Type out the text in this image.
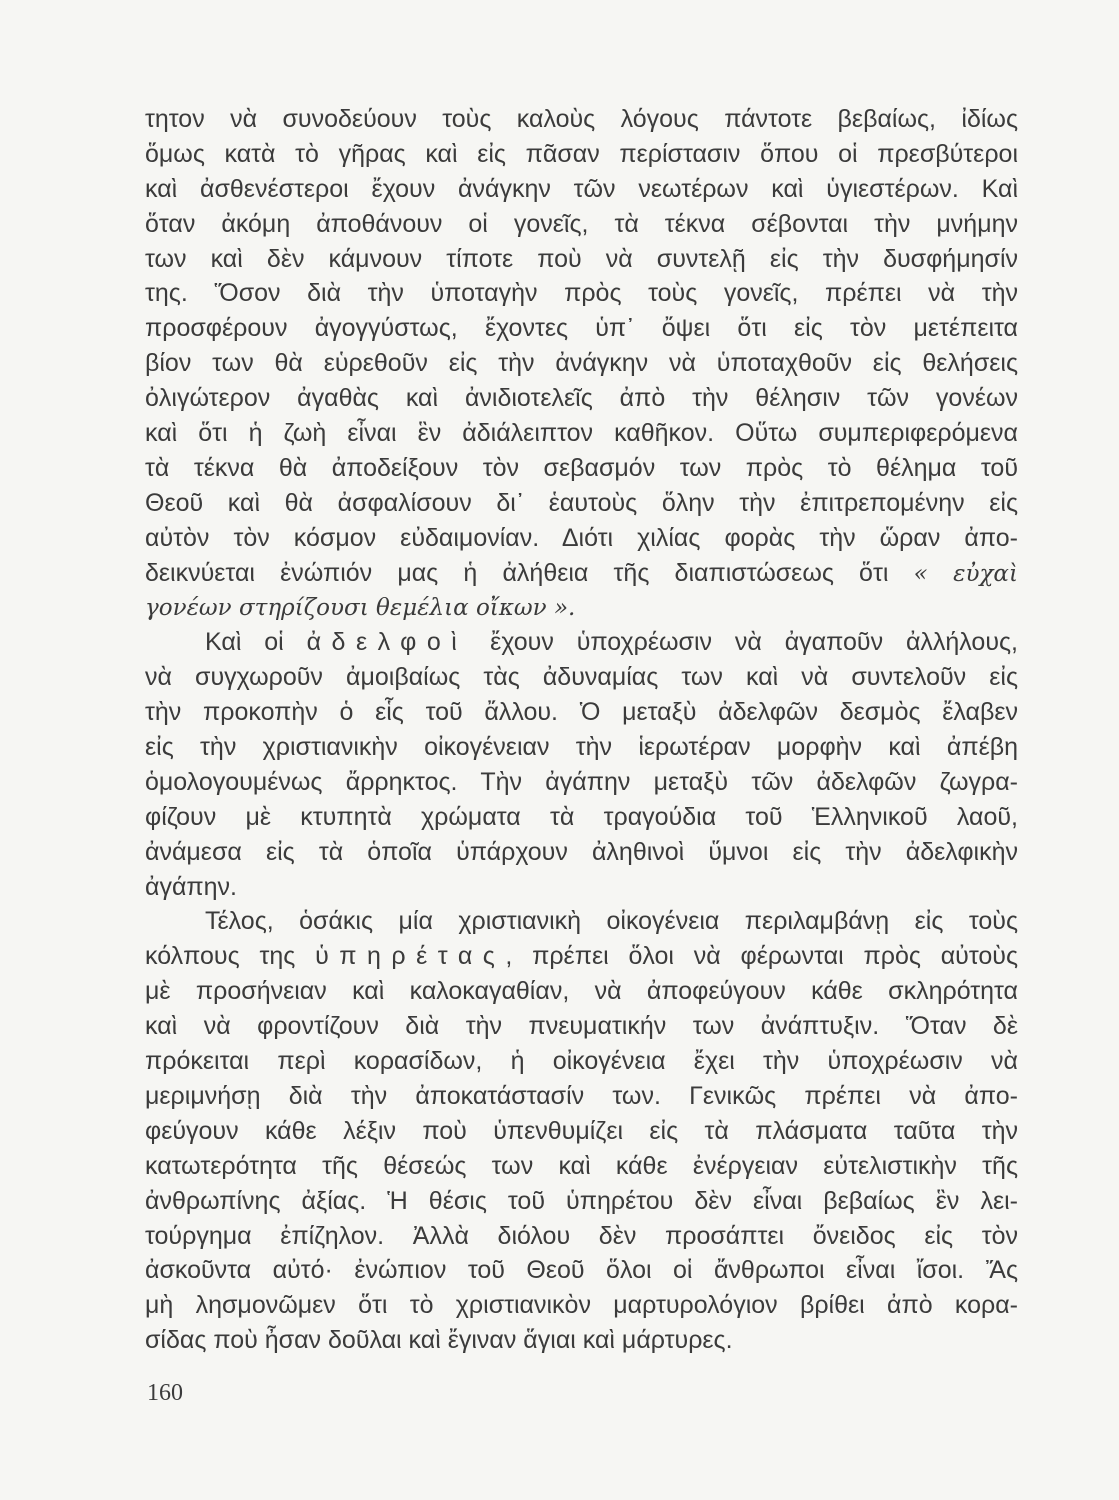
τητον νὰ συνοδεύουν τοὺς καλοὺς λόγους πάντοτε βεβαίως, ἰδίως
ὅμως κατὰ τὸ γῆρας καὶ εἰς πᾶσαν περίστασιν ὅπου οἱ πρεσβύτεροι
καὶ ἀσθενέστεροι ἔχουν ἀνάγκην τῶν νεωτέρων καὶ ὑγιεστέρων. Καὶ
ὅταν ἀκόμη ἀποθάνουν οἱ γονεῖς, τὰ τέκνα σέβονται τὴν μνήμην
των καὶ δὲν κάμνουν τίποτε ποὺ νὰ συντελῇ εἰς τὴν δυσφήμησίν
της. Ὅσον διὰ τὴν ὑποταγὴν πρὸς τοὺς γονεῖς, πρέπει νὰ τὴν
προσφέρουν ἀγογγύστως, ἔχοντες ὑπ᾿ ὄψει ὅτι εἰς τὸν μετέπειτα
βίον των θὰ εὑρεθοῦν εἰς τὴν ἀνάγκην νὰ ὑποταχθοῦν εἰς θελήσεις
ὀλιγώτερον ἀγαθὰς καὶ ἀνιδιοτελεῖς ἀπὸ τὴν θέλησιν τῶν γονέων
καὶ ὅτι ἡ ζωὴ εἶναι ἓν ἀδιάλειπτον καθῆκον. Οὕτω συμπεριφερόμενα
τὰ τέκνα θὰ ἀποδείξουν τὸν σεβασμόν των πρὸς τὸ θέλημα τοῦ
Θεοῦ καὶ θὰ ἀσφαλίσουν δι᾿ ἑαυτοὺς ὅλην τὴν ἐπιτρεπομένην εἰς
αὐτὸν τὸν κόσμον εὐδαιμονίαν. Διότι χιλίας φορὰς τὴν ὥραν ἀπο-
δεικνύεται ἐνώπιόν μας ἡ ἀλήθεια τῆς διαπιστώσεως ὅτι « εὐχαὶ
γονέων στηρίζουσι θεμέλια οἴκων ».
Καὶ οἱ ἀδελφοὶ ἔχουν ὑποχρέωσιν νὰ ἀγαποῦν ἀλλήλους,
νὰ συγχωροῦν ἀμοιβαίως τὰς ἀδυναμίας των καὶ νὰ συντελοῦν εἰς
τὴν προκοπὴν ὁ εἷς τοῦ ἄλλου. Ὁ μεταξὺ ἀδελφῶν δεσμὸς ἔλαβεν
εἰς τὴν χριστιανικὴν οἰκογένειαν τὴν ἱερωτέραν μορφὴν καὶ ἀπέβη
ὁμολογουμένως ἄρρηκτος. Τὴν ἀγάπην μεταξὺ τῶν ἀδελφῶν ζωγρα-
φίζουν μὲ κτυπητὰ χρώματα τὰ τραγούδια τοῦ Ἑλληνικοῦ λαοῦ,
ἀνάμεσα εἰς τὰ ὁποῖα ὑπάρχουν ἀληθινοὶ ὕμνοι εἰς τὴν ἀδελφικὴν
ἀγάπην.
Τέλος, ὁσάκις μία χριστιανικὴ οἰκογένεια περιλαμβάνῃ εἰς τοὺς
κόλπους της ὑπηρέτας, πρέπει ὅλοι νὰ φέρωνται πρὸς αὐτοὺς
μὲ προσήνειαν καὶ καλοκαγαθίαν, νὰ ἀποφεύγουν κάθε σκληρότητα
καὶ νὰ φροντίζουν διὰ τὴν πνευματικήν των ἀνάπτυξιν. Ὅταν δὲ
πρόκειται περὶ κορασίδων, ἡ οἰκογένεια ἔχει τὴν ὑποχρέωσιν νὰ
μεριμνήσῃ διὰ τὴν ἀποκατάστασίν των. Γενικῶς πρέπει νὰ ἀπο-
φεύγουν κάθε λέξιν ποὺ ὑπενθυμίζει εἰς τὰ πλάσματα ταῦτα τὴν
κατωτερότητα τῆς θέσεώς των καὶ κάθε ἐνέργειαν εὐτελιστικὴν τῆς
ἀνθρωπίνης ἀξίας. Ἡ θέσις τοῦ ὑπηρέτου δὲν εἶναι βεβαίως ἓν λει-
τούργημα ἐπίζηλον. Ἀλλὰ διόλου δὲν προσάπτει ὄνειδος εἰς τὸν
ἀσκοῦντα αὐτό· ἐνώπιον τοῦ Θεοῦ ὅλοι οἱ ἄνθρωποι εἶναι ἴσοι. Ἄς
μὴ λησμονῶμεν ὅτι τὸ χριστιανικὸν μαρτυρολόγιον βρίθει ἀπὸ κορα-
σίδας ποὺ ἦσαν δοῦλαι καὶ ἔγιναν ἅγιαι καὶ μάρτυρες.
160
